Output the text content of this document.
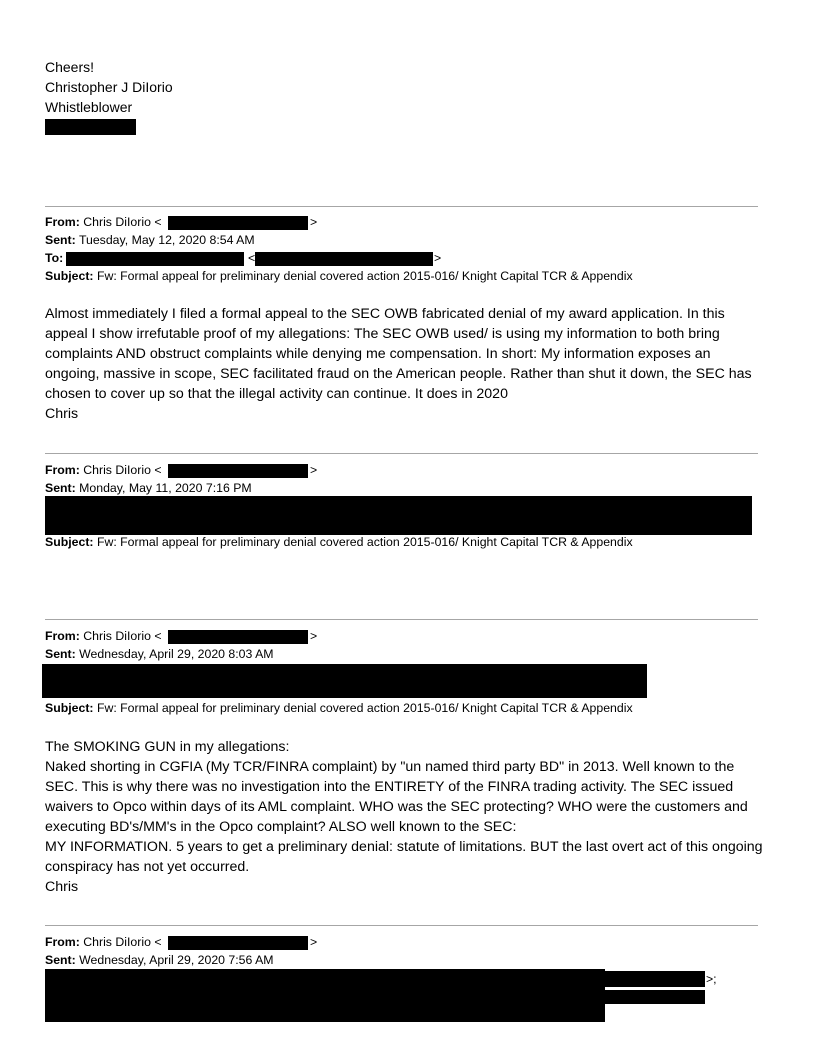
Cheers!
Christopher J DiIorio
Whistleblower
From: Chris DiIorio <	>
Sent: Tuesday, May 12, 2020 8:54 AM
To:	<	>
Subject: Fw: Formal appeal for preliminary denial covered action 2015-016/ Knight Capital TCR & Appendix

Almost immediately I filed a formal appeal to the SEC OWB fabricated denial of my award application. In this appeal I show irrefutable proof of my allegations: The SEC OWB used/ is using my information to both bring complaints AND obstruct complaints while denying me compensation. In short: My information exposes an ongoing, massive in scope, SEC facilitated fraud on the American people. Rather than shut it down, the SEC has chosen to cover up so that the illegal activity can continue. It does in 2020

Chris

From: Chris DiIorio <	>
Sent: Monday, May 11, 2020 7:16 PM
Subject: Fw: Formal appeal for preliminary denial covered action 2015-016/ Knight Capital TCR & Appendix
From: Chris DiIorio <	>
Sent: Wednesday, April 29, 2020 8:03 AM
Subject: Fw: Formal appeal for preliminary denial covered action 2015-016/ Knight Capital TCR & Appendix

The SMOKING GUN in my allegations:

Naked shorting in CGFIA (My TCR/FINRA complaint) by "un named third party BD" in 2013. Well known to the SEC. This is why there was no investigation into the ENTIRETY of the FINRA trading activity. The SEC issued waivers to Opco within days of its AML complaint. WHO was the SEC protecting? WHO were the customers and executing BD's/MM's in the Opco complaint? ALSO well known to the SEC:

MY INFORMATION. 5 years to get a preliminary denial: statute of limitations. BUT the last overt act of this ongoing conspiracy has not yet occurred.

Chris

From: Chris DiIorio <	>
Sent: Wednesday, April 29, 2020 7:56 AM
>;
